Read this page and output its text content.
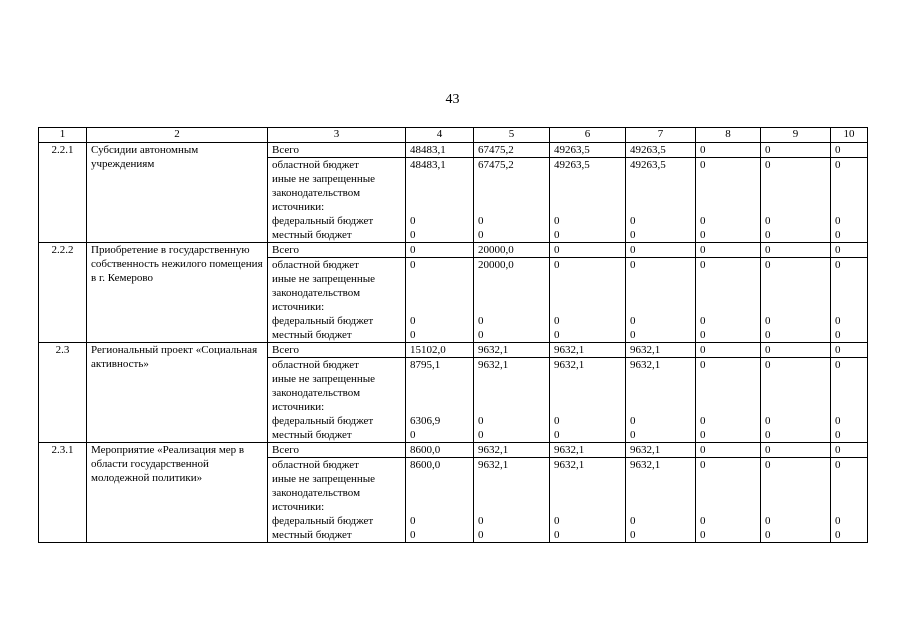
43
1	2	3	4	5	6	7	8	9	10
2.2.1	Субсидии автономным учреждениям	Всего	48483,1	67475,2	49263,5	49263,5	0	0	0
		областной бюджет	48483,1	67475,2	49263,5	49263,5	0	0	0
		иные не запрещенные законодательством источники:							
		федеральный бюджет	0	0	0	0	0	0	0
		местный бюджет	0	0	0	0	0	0	0
2.2.2	Приобретение в государственную собственность нежилого помещения в г. Кемерово	Всего	0	20000,0	0	0	0	0	0
		областной бюджет	0	20000,0	0	0	0	0	0
		иные не запрещенные законодательством источники:							
		федеральный бюджет	0	0	0	0	0	0	0
		местный бюджет	0	0	0	0	0	0	0
2.3	Региональный проект «Социальная активность»	Всего	15102,0	9632,1	9632,1	9632,1	0	0	0
		областной бюджет	8795,1	9632,1	9632,1	9632,1	0	0	0
		иные не запрещенные законодательством источники:							
		федеральный бюджет	6306,9	0	0	0	0	0	0
		местный бюджет	0	0	0	0	0	0	0
2.3.1	Мероприятие «Реализация мер в области государственной молодежной политики»	Всего	8600,0	9632,1	9632,1	9632,1	0	0	0
		областной бюджет	8600,0	9632,1	9632,1	9632,1	0	0	0
		иные не запрещенные законодательством источники:							
		федеральный бюджет	0	0	0	0	0	0	0
		местный бюджет	0	0	0	0	0	0	0
